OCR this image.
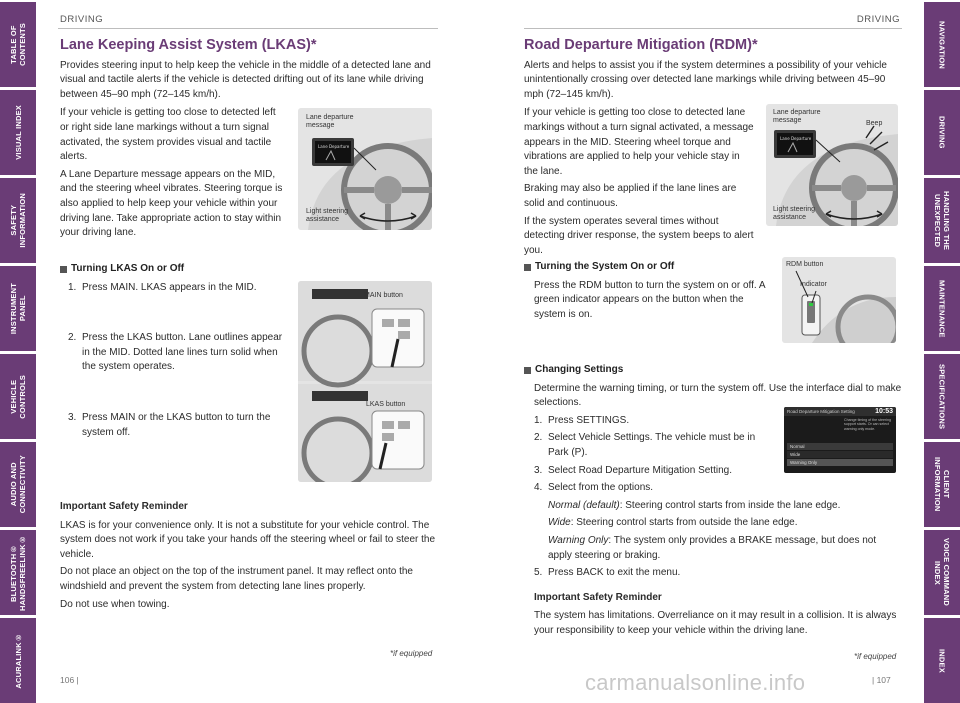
TABLE OF
CONTENTS
VISUAL INDEX
SAFETY
INFORMATION
INSTRUMENT
PANEL
VEHICLE
CONTROLS
AUDIO AND
CONNECTIVITY
BLUETOOTH®
HANDSFREELINK®
ACURALINK®
NAVIGATION
DRIVING
HANDLING THE
UNEXPECTED
MAINTENANCE
SPECIFICATIONS
CLIENT
INFORMATION
VOICE COMMAND
INDEX
INDEX
DRIVING	DRIVING
Lane Keeping Assist System (LKAS)*

Provides steering input to help keep the vehicle in the middle of a detected lane and visual and tactile alerts if the vehicle is detected drifting out of its lane while driving between 45–90 mph (72–145 km/h).

If your vehicle is getting too close to detected left or right side lane markings without a turn signal activated, the system provides visual and tactile alerts.

A Lane Departure message appears on the MID, and the steering wheel vibrates. Steering torque is also applied to help keep your vehicle within your driving lane. Take appropriate action to stay within your driving lane.

Lane Departure
Lane departure
message
Light steering
assistance
Turning LKAS On or Off
1. Press MAIN. LKAS appears in the MID.
2. Press the LKAS button. Lane outlines appear in the MID. Dotted lane lines turn solid when the system operates.
3. Press MAIN or the LKAS button to turn the system off.
MAIN button
LKAS button
Important Safety Reminder

LKAS is for your convenience only. It is not a substitute for your vehicle control. The system does not work if you take your hands off the steering wheel or fail to steer the vehicle.

Do not place an object on the top of the instrument panel. It may reflect onto the windshield and prevent the system from detecting lane lines properly.

Do not use when towing.

*if equipped
106 |
Road Departure Mitigation (RDM)*

Alerts and helps to assist you if the system determines a possibility of your vehicle unintentionally crossing over detected lane markings while driving between 45–90 mph (72–145 km/h).

If your vehicle is getting too close to detected lane markings without a turn signal activated, a message appears in the MID. Steering wheel torque and vibrations are applied to help your vehicle stay in the lane.

Braking may also be applied if the lane lines are solid and continuous.

If the system operates several times without detecting driver response, the system beeps to alert you.

Lane Departure
Lane departure
message	Beep
Light steering
assistance
Turning the System On or Off

Press the RDM button to turn the system on or off. A green indicator appears on the button when the system is on.

RDM button
Indicator
Changing Settings

Determine the warning timing, or turn the system off. Use the interface dial to make selections.

1. Press SETTINGS.
2. Select Vehicle Settings. The vehicle must be in Park (P).
3. Select Road Departure Mitigation Setting.
4. Select from the options.

Normal (default): Steering control starts from inside the lane edge.

Wide: Steering control starts from outside the lane edge.

Warning Only: The system only provides a BRAKE message, but does not apply steering or braking.

5. Press BACK to exit the menu.
Important Safety Reminder

The system has limitations. Overreliance on it may result in a collision. It is always your responsibility to keep your vehicle within the driving lane.

Road Departure Mitigation Setting	10:53
Change timing of the steering support starts. Or can select warning only mode.
Normal
Wide
Warning Only
*if equipped
| 107
carmanualsonline.info
